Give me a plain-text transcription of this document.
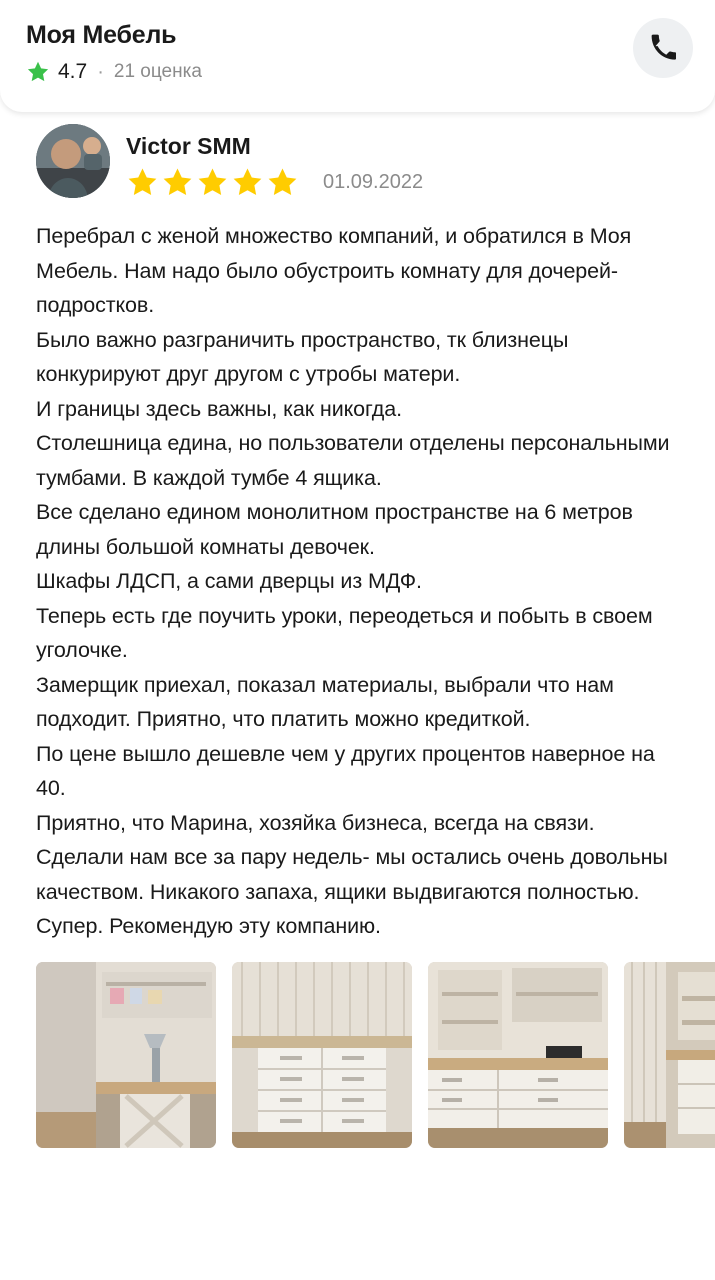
Моя Мебель
4.7 · 21 оценка
Victor SMM
01.09.2022

Перебрал с женой множество компаний, и обратился в Моя Мебель. Нам надо было обустроить комнату для дочерей-подростков.

Было важно разграничить пространство, тк близнецы конкурируют друг другом с утробы матери.

И границы здесь важны, как никогда.

Столешница едина, но пользователи отделены персональными тумбами. В каждой тумбе 4 ящика.

Все сделано едином монолитном пространстве на 6 метров длины большой комнаты девочек.

Шкафы ЛДСП, а сами дверцы из МДФ.

Теперь есть где поучить уроки, переодеться и побыть в своем уголочке.

Замерщик приехал, показал материалы, выбрали что нам подходит. Приятно, что платить можно кредиткой.

По цене вышло дешевле чем у других процентов наверное на 40.

Приятно, что Марина, хозяйка бизнеса, всегда на связи. Сделали нам все за пару недель- мы остались очень довольны качеством. Никакого запаха, ящики выдвигаются полностью. Супер. Рекомендую эту компанию.
